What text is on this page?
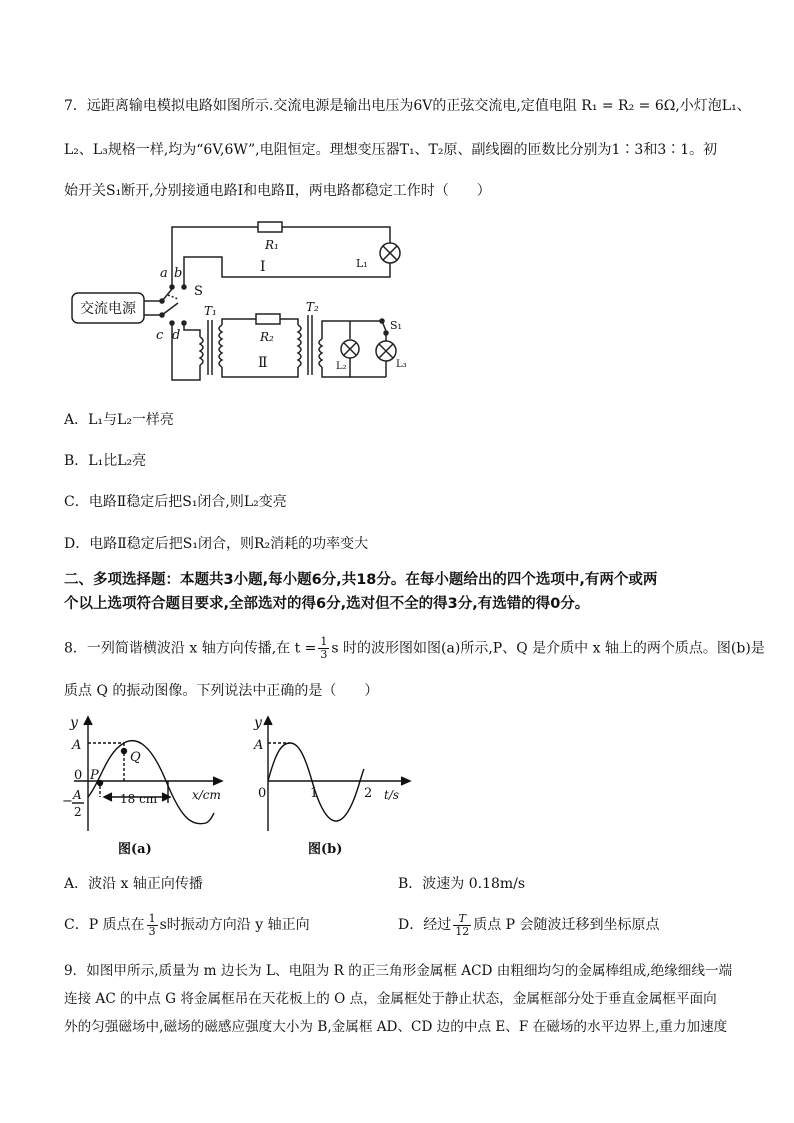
7．远距离输电模拟电路如图所示.交流电源是输出电压为6V的正弦交流电,定值电阻 R₁ = R₂ = 6Ω,小灯泡L₁、
L₂、L₃规格一样,均为“6V,6W”,电阻恒定。理想变压器T₁、T₂原、副线圈的匝数比分别为1∶3和3∶1。初
始开关S₁断开,分别接通电路Ⅰ和电路Ⅱ，两电路都稳定工作时（　　）
交流电源
a b
S
c d
R₁
Ⅰ	L₁
T₁
R₂
Ⅱ
T₂
S₁
L₂	L₃
A．L₁与L₂一样亮
B．L₁比L₂亮
C．电路Ⅱ稳定后把S₁闭合,则L₂变亮
D．电路Ⅱ稳定后把S₁闭合，则R₂消耗的功率变大
二、多项选择题：本题共3小题,每小题6分,共18分。在每小题给出的四个选项中,有两个或两
个以上选项符合题目要求,全部选对的得6分,选对但不全的得3分,有选错的得0分。
8．一列简谐横波沿 x 轴方向传播,在 $t = \frac{1}{3}$ s 时的波形图如图(a)所示,P、Q 是介质中 x 轴上的两个质点。图(b)是
质点 Q 的振动图像。下列说法中正确的是（　　）
y
A
0 P
Q
− A
2
18 cm	x/cm
图(a)
y
A
0	1	2 t/s
图(b)
A．波沿 x 轴正向传播	B．波速为 0.18m/s
C．P 质点在 $\frac{1}{3}$ s时振动方向沿 y 轴正向	D．经过 $\frac{T}{12}$ 质点 P 会随波迁移到坐标原点
9．如图甲所示,质量为 m 边长为 L、电阻为 R 的正三角形金属框 ACD 由粗细均匀的金属棒组成,绝缘细线一端
连接 AC 的中点 G 将金属框吊在天花板上的 O 点，金属框处于静止状态，金属框部分处于垂直金属框平面向
外的匀强磁场中,磁场的磁感应强度大小为 B,金属框 AD、CD 边的中点 E、F 在磁场的水平边界上,重力加速度
